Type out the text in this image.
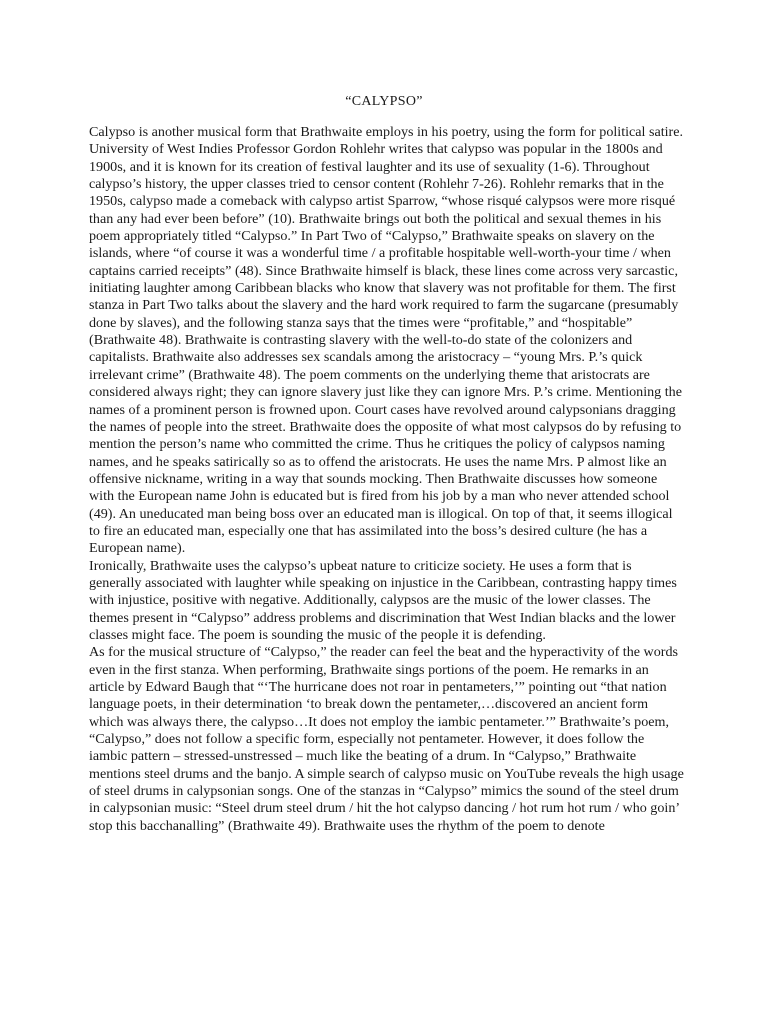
“CALYPSO”

Calypso is another musical form that Brathwaite employs in his poetry, using the form for political satire. University of West Indies Professor Gordon Rohlehr writes that calypso was popular in the 1800s and 1900s, and it is known for its creation of festival laughter and its use of sexuality (1-6). Throughout calypso’s history, the upper classes tried to censor content (Rohlehr 7-26). Rohlehr remarks that in the 1950s, calypso made a comeback with calypso artist Sparrow, “whose risqué calypsos were more risqué than any had ever been before” (10). Brathwaite brings out both the political and sexual themes in his poem appropriately titled “Calypso.” In Part Two of “Calypso,” Brathwaite speaks on slavery on the islands, where “of course it was a wonderful time / a profitable hospitable well-worth-your time / when captains carried receipts” (48). Since Brathwaite himself is black, these lines come across very sarcastic, initiating laughter among Caribbean blacks who know that slavery was not profitable for them. The first stanza in Part Two talks about the slavery and the hard work required to farm the sugarcane (presumably done by slaves), and the following stanza says that the times were “profitable,” and “hospitable” (Brathwaite 48). Brathwaite is contrasting slavery with the well-to-do state of the colonizers and capitalists. Brathwaite also addresses sex scandals among the aristocracy – “young Mrs. P.’s quick irrelevant crime” (Brathwaite 48). The poem comments on the underlying theme that aristocrats are considered always right; they can ignore slavery just like they can ignore Mrs. P.’s crime. Mentioning the names of a prominent person is frowned upon. Court cases have revolved around calypsonians dragging the names of people into the street. Brathwaite does the opposite of what most calypsos do by refusing to mention the person’s name who committed the crime. Thus he critiques the policy of calypsos naming names, and he speaks satirically so as to offend the aristocrats. He uses the name Mrs. P almost like an offensive nickname, writing in a way that sounds mocking. Then Brathwaite discusses how someone with the European name John is educated but is fired from his job by a man who never attended school (49). An uneducated man being boss over an educated man is illogical. On top of that, it seems illogical to fire an educated man, especially one that has assimilated into the boss’s desired culture (he has a European name).

Ironically, Brathwaite uses the calypso’s upbeat nature to criticize society. He uses a form that is generally associated with laughter while speaking on injustice in the Caribbean, contrasting happy times with injustice, positive with negative. Additionally, calypsos are the music of the lower classes. The themes present in “Calypso” address problems and discrimination that West Indian blacks and the lower classes might face. The poem is sounding the music of the people it is defending.

As for the musical structure of “Calypso,” the reader can feel the beat and the hyperactivity of the words even in the first stanza. When performing, Brathwaite sings portions of the poem. He remarks in an article by Edward Baugh that “‘The hurricane does not roar in pentameters,’” pointing out “that nation language poets, in their determination ‘to break down the pentameter,…discovered an ancient form which was always there, the calypso…It does not employ the iambic pentameter.’” Brathwaite’s poem, “Calypso,” does not follow a specific form, especially not pentameter. However, it does follow the iambic pattern – stressed-unstressed – much like the beating of a drum. In “Calypso,” Brathwaite mentions steel drums and the banjo. A simple search of calypso music on YouTube reveals the high usage of steel drums in calypsonian songs. One of the stanzas in “Calypso” mimics the sound of the steel drum in calypsonian music: “Steel drum steel drum / hit the hot calypso dancing / hot rum hot rum / who goin’ stop this bacchanalling” (Brathwaite 49). Brathwaite uses the rhythm of the poem to denote
